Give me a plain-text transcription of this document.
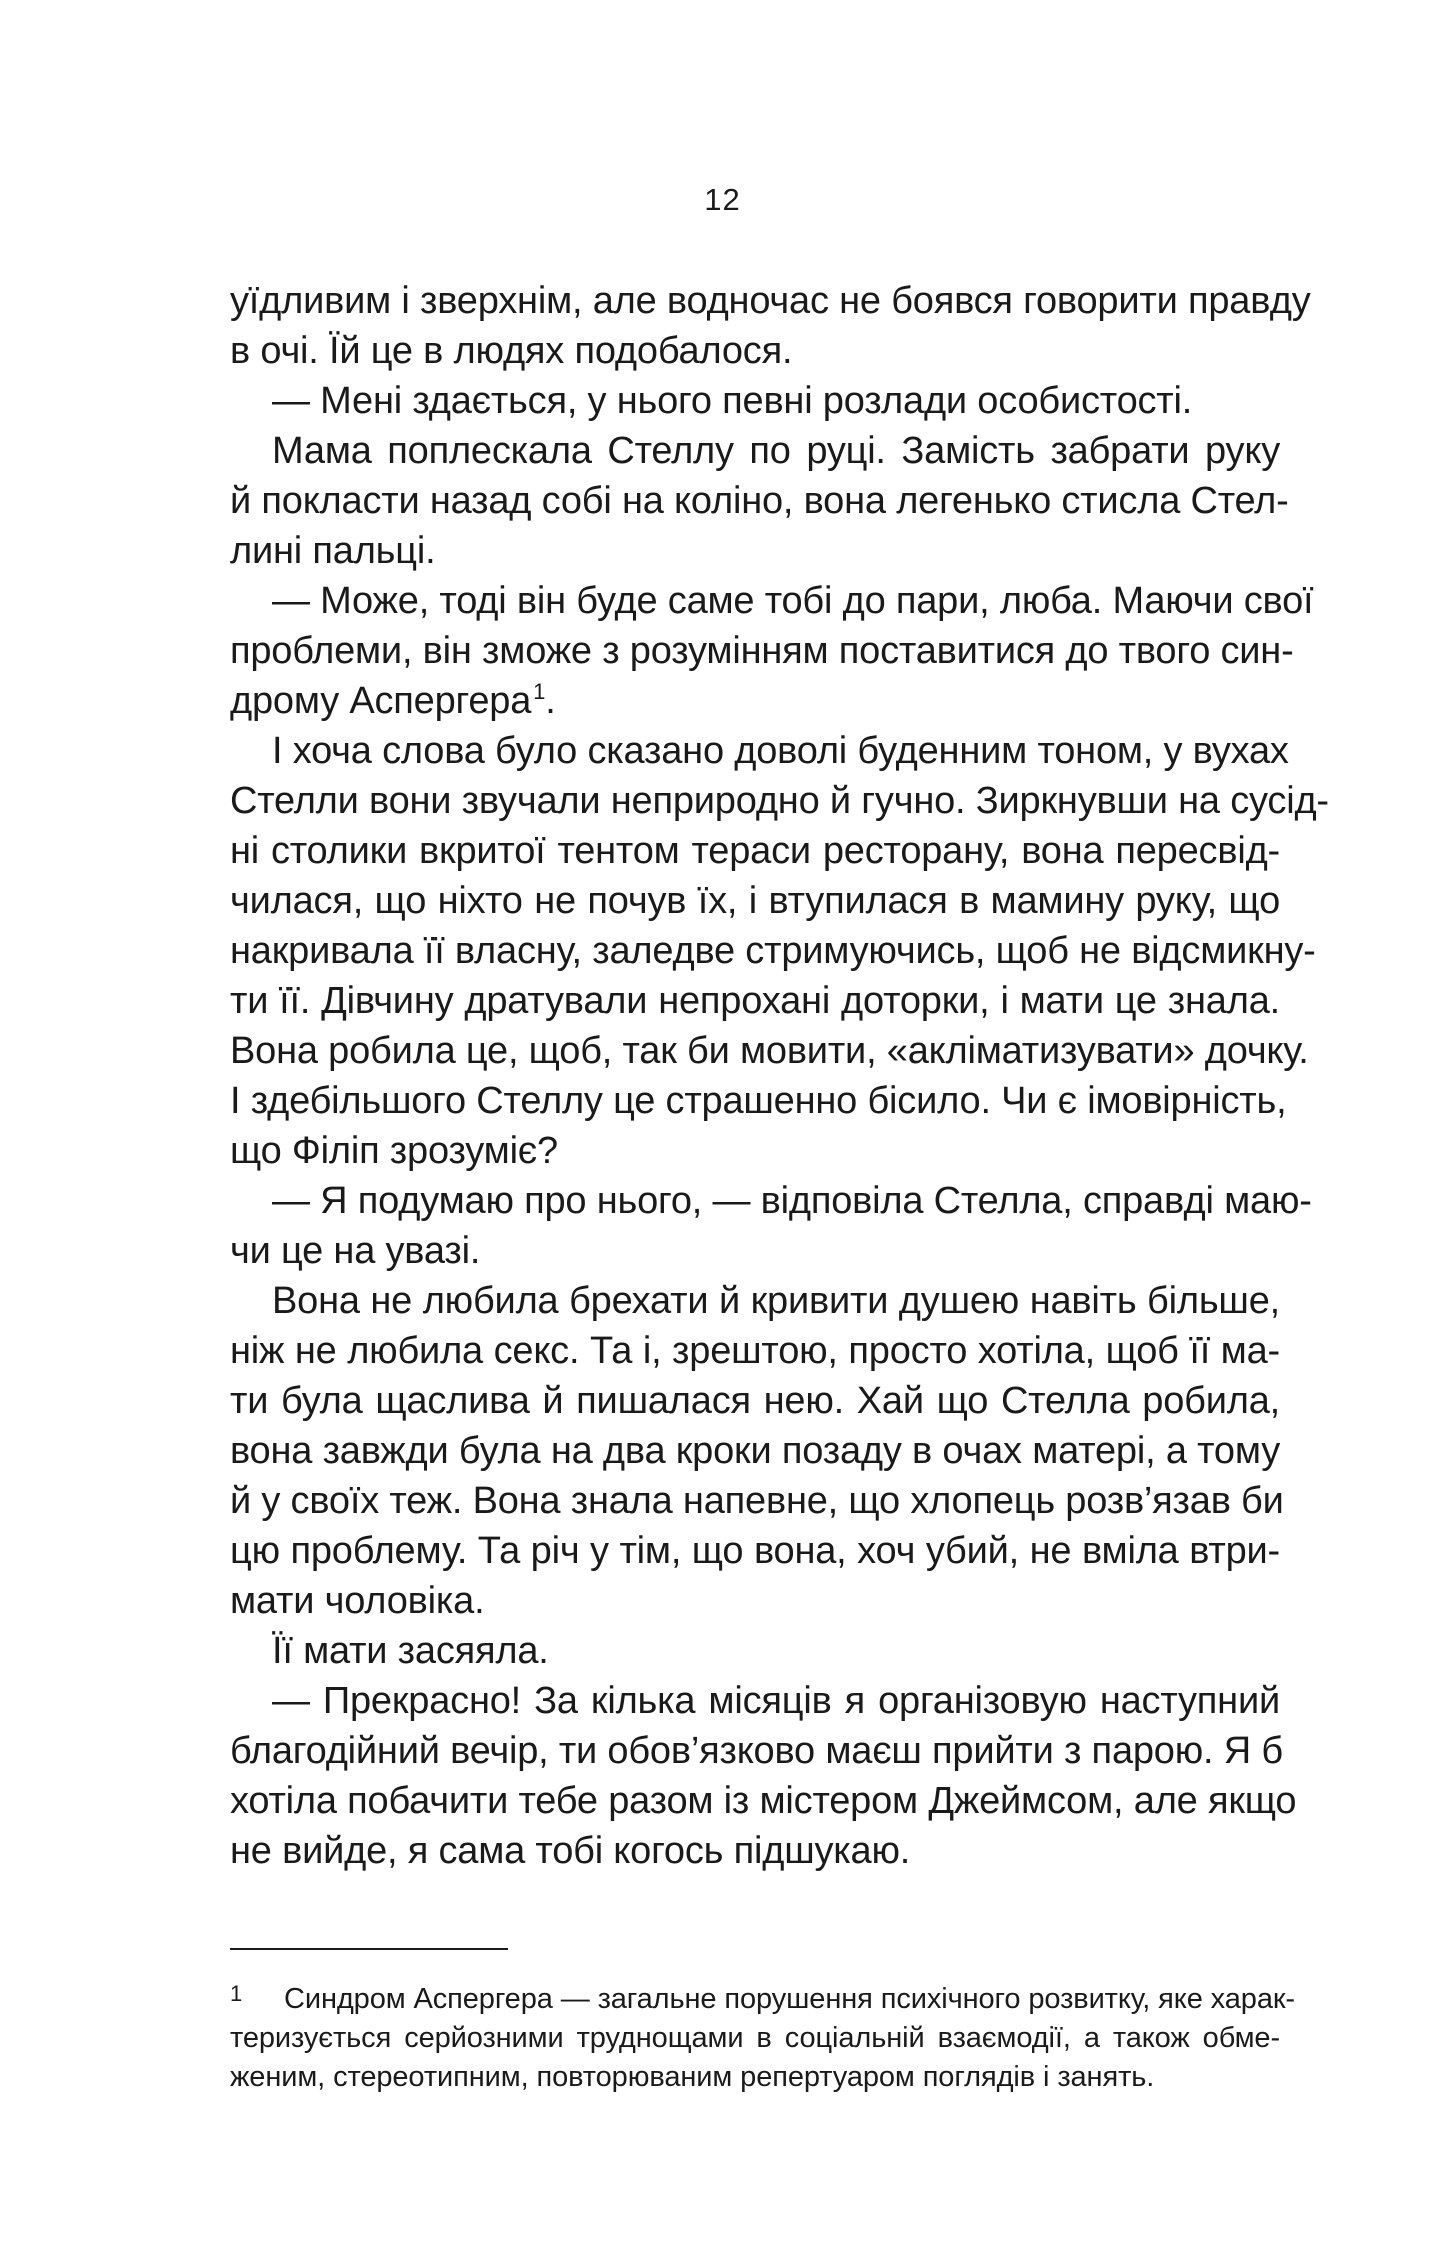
12
уїдливим і зверхнім, але водночас не боявся говорити правду
в очі. Їй це в людях подобалося.
— Мені здається, у нього певні розлади особистості.
Мама поплескала Стеллу по руці. Замість забрати руку
й покласти назад собі на коліно, вона легенько стисла Стел-
лині пальці.
— Може, тоді він буде саме тобі до пари, люба. Маючи свої
проблеми, він зможе з розумінням поставитися до твого син-
дрому Аспергера$^1$.
І хоча слова було сказано доволі буденним тоном, у вухах
Стелли вони звучали неприродно й гучно. Зиркнувши на сусід-
ні столики вкритої тентом тераси ресторану, вона пересвід-
чилася, що ніхто не почув їх, і втупилася в мамину руку, що
накривала її власну, заледве стримуючись, щоб не відсмикну-
ти її. Дівчину дратували непрохані доторки, і мати це знала.
Вона робила це, щоб, так би мовити, «акліматизувати» дочку.
І здебільшого Стеллу це страшенно бісило. Чи є імовірність,
що Філіп зрозуміє?
— Я подумаю про нього, — відповіла Стелла, справді маю-
чи це на увазі.
Вона не любила брехати й кривити душею навіть більше,
ніж не любила секс. Та і, зрештою, просто хотіла, щоб її ма-
ти була щаслива й пишалася нею. Хай що Стелла робила,
вона завжди була на два кроки позаду в очах матері, а тому
й у своїх теж. Вона знала напевне, що хлопець розв’язав би
цю проблему. Та річ у тім, що вона, хоч убий, не вміла втри-
мати чоловіка.
Її мати засяяла.
— Прекрасно! За кілька місяців я організовую наступний
благодійний вечір, ти обов’язково маєш прийти з парою. Я б
хотіла побачити тебе разом із містером Джеймсом, але якщо
не вийде, я сама тобі когось підшукаю.
1 Синдром Аспергера — загальне порушення психічного розвитку, яке харак-
теризується серйозними труднощами в соціальній взаємодії, а також обме-
женим, стереотипним, повторюваним репертуаром поглядів і занять.
